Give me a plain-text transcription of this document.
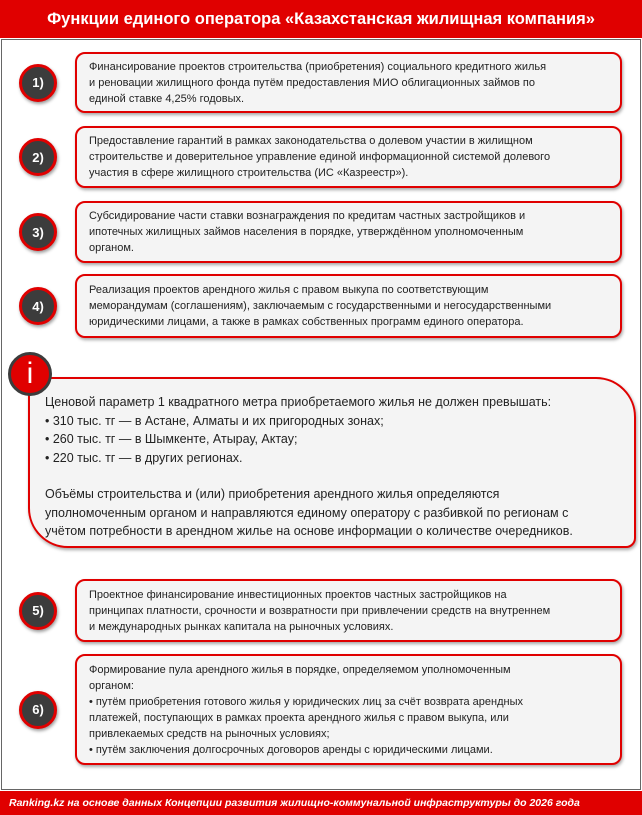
Функции единого оператора «Казахстанская жилищная компания»
Финансирование проектов строительства (приобретения) социального кредитного жилья
и реновации жилищного фонда путём предоставления МИО облигационных займов по
единой ставке 4,25% годовых.
1)
Предоставление гарантий в рамках законодательства о долевом участии в жилищном
строительстве и доверительное управление единой информационной системой долевого
участия в сфере жилищного строительства (ИС «Казреестр»).
2)
Субсидирование части ставки вознаграждения по кредитам частных застройщиков и
ипотечных жилищных займов населения в порядке, утверждённом уполномоченным
органом.
3)
Реализация проектов арендного жилья с правом выкупа по соответствующим
меморандумам (соглашениям), заключаемым с государственными и негосударственными
юридическими лицами, а также в рамках собственных программ единого оператора.
4)
Проектное финансирование инвестиционных проектов частных застройщиков на
принципах платности, срочности и возвратности при привлечении средств на внутреннем
и международных рынках капитала на рыночных условиях.
5)
Формирование пула арендного жилья в порядке, определяемом уполномоченным
органом:
• путём приобретения готового жилья у юридических лиц за счёт возврата арендных
платежей, поступающих в рамках проекта арендного жилья с правом выкупа, или
привлекаемых средств на рыночных условиях;
• путём заключения долгосрочных договоров аренды с юридическими лицами.
6)
Ценовой параметр 1 квадратного метра приобретаемого жилья не должен превышать:
• 310 тыс. тг — в Астане, Алматы и их пригородных зонах;
• 260 тыс. тг — в Шымкенте, Атырау, Актау;
• 220 тыс. тг — в других регионах.
Объёмы строительства и (или) приобретения арендного жилья определяются
уполномоченным органом и направляются единому оператору с разбивкой по регионам с
учётом потребности в арендном жилье на основе информации о количестве очередников.
i
Ranking.kz на основе данных Концепции развития жилищно-коммунальной инфраструктуры до 2026 года
